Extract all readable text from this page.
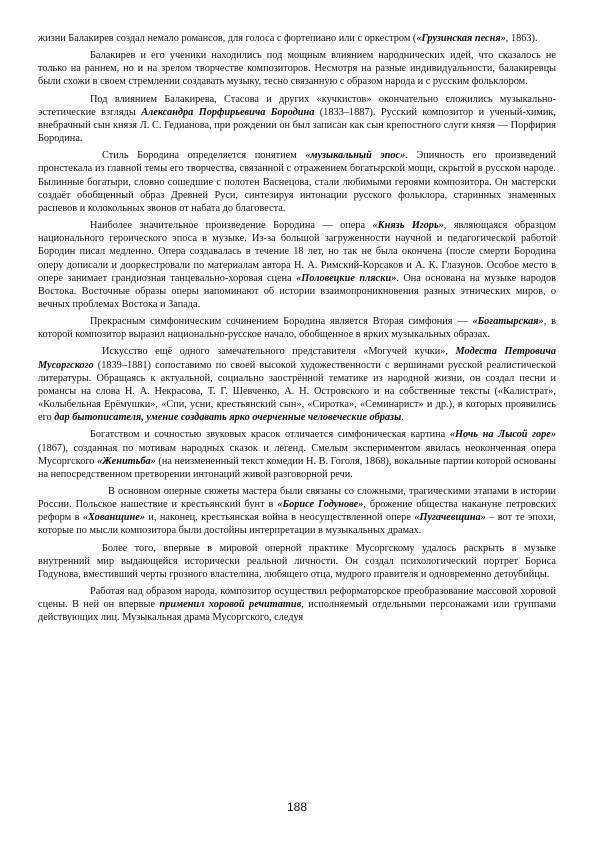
жизни Балакирев создал немало романсов, для голоса с фортепиано или с оркестром («Грузинская песня», 1863).

Балакирев и его ученики находились под мощным влиянием народнических идей, что сказалось не только на раннем, но и на зрелом творчестве композиторов. Несмотря на разные индивидуальности, балакиревцы были схожи в своем стремлении создавать музыку, тесно связанную с образом народа и с русским фольклором.

Под влиянием Балакирева, Стасова и других «кучкистов» окончательно сложились музыкально-эстетические взгляды Александра Порфирьевича Бородина (1833–1887). Русский композитор и ученый-химик, внебрачный сын князя Л. С. Гедианова, при рождении он был записан как сын крепостного слуги князя — Порфирия Бородина.

Стиль Бородина определяется понятием «музыкальный эпос». Эпичность его произведений пронстекала из главной темы его творчества, связанной с отражением богатырской мощи, скрытой в русском народе. Былинные богатыри, словно сошедшие с полотен Васнецова, стали любимыми героями композитора. Он мастерски создаёт обобщенный образ Древней Руси, синтезируя интонации русского фольклора, старинных знаменных распевов и колокольных звонов от набата до благовеста.

Наиболее значительное произведение Бородина — опера «Князь Игорь», являющаяся образцом национального героического эпоса в музыке. Из-за большой загруженности научной и педагогической работой Бородин писал медленно. Опера создавалась в течение 18 лет, но так не была окончена (после смерти Бородина оперу дописали и дооркестровали по материалам автора Н. А. Римский-Корсаков и А. К. Глазунов. Особое место в опере занимает грандиозная танцевально-хоровая сцена «Половецкие пляски». Она основана на музыке народов Востока. Восточные образы оперы напоминают об истории взаимопроникновения разных этнических миров, о вечных проблемах Востока и Запада.

Прекрасным симфоническим сочинением Бородина является Вторая симфония — «Богатырская», в которой композитор выразил национально-русское начало, обобщенное в ярких музыкальных образах.

Искусство ещё одного замечательного представителя «Могучей кучки», Модеста Петровича Мусоргского (1839–1881) сопоставимо по своей высокой художественности с вершинами русской реалистической литературы. Обращаясь к актуальной, социально заострённой тематике из народной жизни, он создал песни и романсы на слова Н. А. Некрасова, Т. Г. Шевченко, А. Н. Островского и на собственные тексты («Калистрат», «Колыбельная Ерёмушки», «Спи, усни, крестьянский сын», «Сиротка», «Семинарист» и др.), в которых проявились его дар бытописателя, умение создавать ярко очерченные человеческие образы.

Богатством и сочностью звуковых красок отличается симфоническая картина «Ночь на Лысой горе» (1867), созданная по мотивам народных сказок и легенд. Смелым экспериментом явилась неоконченная опера Мусоргского «Женитьба» (на неизмененный текст комедии Н. В. Гоголя, 1868), вокальные партии которой основаны на непосредственном претворении интонаций живой разговорной речи.

В основном оперные сюжеты мастера были связаны со сложными, трагическими этапами в истории России. Польское нашествие и крестьянский бунт в «Борисе Годунове», брожение общества накануне петровских реформ в «Хованщине» и, наконец, крестьянская война в неосуществленной опере «Пугачевщина» – вот те эпохи, которые по мысли композитора были достойны интерпретации в музыкальных драмах.

Более того, впервые в мировой оперной практике Мусоргскому удалось раскрыть в музыке внутренний мир выдающейся исторически реальной личности. Он создал психологический портрет Бориса Годунова, вместивший черты грозного властелина, любящего отца, мудрого правителя и одновременно детоубийцы.

Работая над образом народа, композитор осуществил реформаторское преобразование массовой хоровой сцены. В ней он впервые применил хоровой речитатив, исполняемый отдельными персонажами или группами действующих лиц. Музыкальная драма Мусоргского, следуя

188
